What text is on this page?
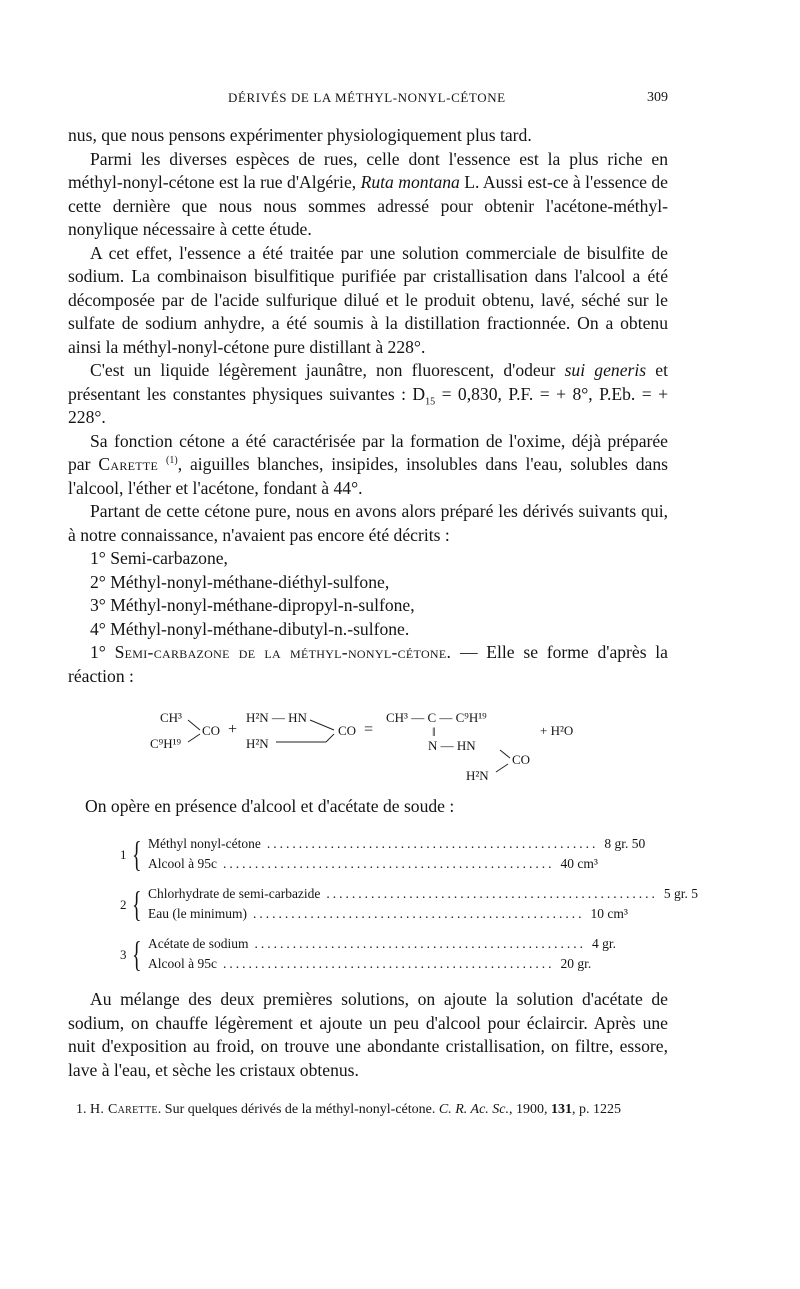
DÉRIVÉS DE LA MÉTHYL-NONYL-CÉTONE	309

nus, que nous pensons expérimenter physiologiquement plus tard.

Parmi les diverses espèces de rues, celle dont l'essence est la plus riche en méthyl-nonyl-cétone est la rue d'Algérie, Ruta montana L. Aussi est-ce à l'essence de cette dernière que nous nous sommes adressé pour obtenir l'acétone-méthyl-nonylique nécessaire à cette étude.

A cet effet, l'essence a été traitée par une solution commerciale de bisulfite de sodium. La combinaison bisulfitique purifiée par cristallisation dans l'alcool a été décomposée par de l'acide sulfurique dilué et le produit obtenu, lavé, séché sur le sulfate de sodium anhydre, a été soumis à la distillation fractionnée. On a obtenu ainsi la méthyl-nonyl-cétone pure distillant à 228°.

C'est un liquide légèrement jaunâtre, non fluorescent, d'odeur sui generis et présentant les constantes physiques suivantes : $D_{15} = 0,830$, P.F. = + 8°, P.Eb. = + 228°.

Sa fonction cétone a été caractérisée par la formation de l'oxime, déjà préparée par Carette $^{(1)}$, aiguilles blanches, insipides, insolubles dans l'eau, solubles dans l'alcool, l'éther et l'acétone, fondant à 44°.

Partant de cette cétone pure, nous en avons alors préparé les dérivés suivants qui, à notre connaissance, n'avaient pas encore été décrits :

1° Semi-carbazone,

2° Méthyl-nonyl-méthane-diéthyl-sulfone,

3° Méthyl-nonyl-méthane-dipropyl-n-sulfone,

4° Méthyl-nonyl-méthane-dibutyl-n.-sulfone.

1° Semi-carbazone de la méthyl-nonyl-cétone. — Elle se forme d'après la réaction :

CH³
C⁹H¹⁹
CO +
H²N — HN
H²N
CO =
CH³ — C — C⁹H¹⁹
‖
N — HN
CO
H²N
+ H²O
On opère en présence d'alcool et d'acétate de soude :
1 { Méthyl nonyl-cétone .................................................... 8 gr. 50
Alcool à 95c .................................................... 40 cm³
2 { Chlorhydrate de semi-carbazide .................................................... 5 gr. 5
Eau (le minimum) .................................................... 10 cm³
3 { Acétate de sodium .................................................... 4 gr.
Alcool à 95c .................................................... 20 gr.

Au mélange des deux premières solutions, on ajoute la solution d'acétate de sodium, on chauffe légèrement et ajoute un peu d'alcool pour éclaircir. Après une nuit d'exposition au froid, on trouve une abondante cristallisation, on filtre, essore, lave à l'eau, et sèche les cristaux obtenus.

1. H. Carette. Sur quelques dérivés de la méthyl-nonyl-cétone. C. R. Ac. Sc., 1900, 131, p. 1225
